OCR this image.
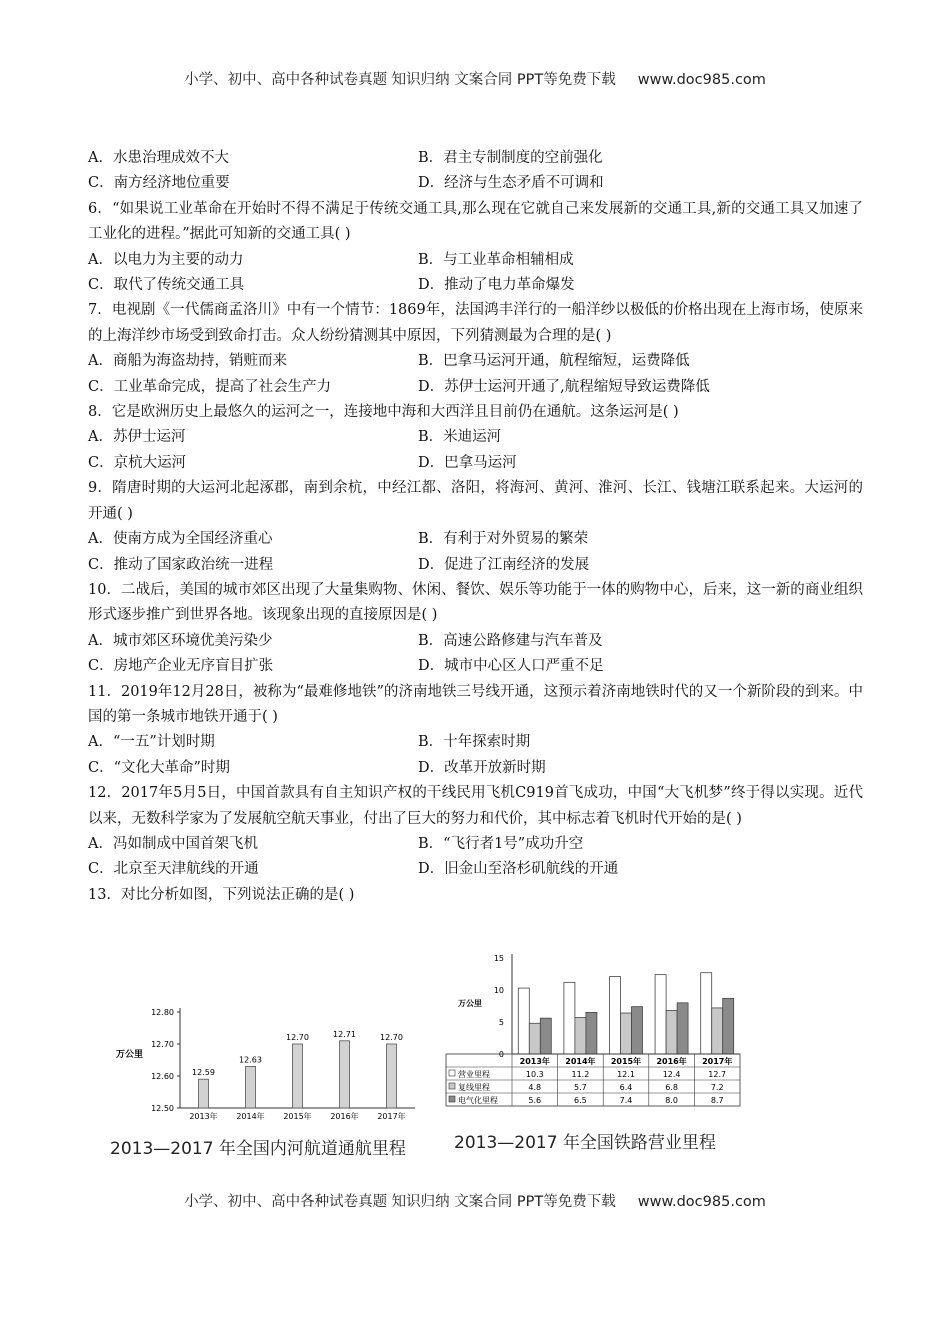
小学、初中、高中各种试卷真题 知识归纳 文案合同 PPT等免费下载 www.doc985.com

A．水患治理成效不大	B．君主专制制度的空前强化

C．南方经济地位重要	D．经济与生态矛盾不可调和

6．“如果说工业革命在开始时不得不满足于传统交通工具,那么现在它就自己来发展新的交通工具,新的交通工具又加速了工业化的进程。”据此可知新的交通工具( )

A．以电力为主要的动力	B．与工业革命相辅相成

C．取代了传统交通工具	D．推动了电力革命爆发

7．电视剧《一代儒商孟洛川》中有一个情节：1869年，法国鸿丰洋行的一船洋纱以极低的价格出现在上海市场，使原来的上海洋纱市场受到致命打击。众人纷纷猜测其中原因，下列猜测最为合理的是( )

A．商船为海盗劫持，销赃而来	B．巴拿马运河开通，航程缩短，运费降低

C．工业革命完成，提高了社会生产力	D．苏伊士运河开通了,航程缩短导致运费降低

8．它是欧洲历史上最悠久的运河之一，连接地中海和大西洋且目前仍在通航。这条运河是( )

A．苏伊士运河	B．米迪运河

C．京杭大运河	D．巴拿马运河

9．隋唐时期的大运河北起涿郡，南到余杭，中经江都、洛阳，将海河、黄河、淮河、长江、钱塘江联系起来。大运河的开通( )

A．使南方成为全国经济重心	B．有利于对外贸易的繁荣

C．推动了国家政治统一进程	D．促进了江南经济的发展

10．二战后，美国的城市郊区出现了大量集购物、休闲、餐饮、娱乐等功能于一体的购物中心，后来，这一新的商业组织形式逐步推广到世界各地。该现象出现的直接原因是( )

A．城市郊区环境优美污染少	B．高速公路修建与汽车普及

C．房地产企业无序盲目扩张	D．城市中心区人口严重不足

11．2019年12月28日，被称为“最难修地铁”的济南地铁三号线开通，这预示着济南地铁时代的又一个新阶段的到来。中国的第一条城市地铁开通于( )

A．“一五”计划时期	B．十年探索时期

C．“文化大革命”时期	D．改革开放新时期

12．2017年5月5日，中国首款具有自主知识产权的干线民用飞机C919首飞成功，中国“大飞机梦”终于得以实现。近代以来，无数科学家为了发展航空航天事业，付出了巨大的努力和代价，其中标志着飞机时代开始的是( )

A．冯如制成中国首架飞机	B．“飞行者1号”成功升空

C．北京至天津航线的开通	D．旧金山至洛杉矶航线的开通

13．对比分析如图，下列说法正确的是( )

12.50
12.60
12.70
12.80
万公里
12.59
2013年
12.63
2014年
12.70
2015年
12.71
2016年
12.70
2017年
2013—2017 年全国内河航道通航里程
0
5
10
15
万公里
2013年 2014年 2015年 2016年 2017年
营业里程	10.3	11.2	12.1	12.4	12.7
复线里程	4.8	5.7	6.4	6.8	7.2
电气化里程	5.6	6.5	7.4	8.0	8.7
2013—2017 年全国铁路营业里程
小学、初中、高中各种试卷真题 知识归纳 文案合同 PPT等免费下载 www.doc985.com
